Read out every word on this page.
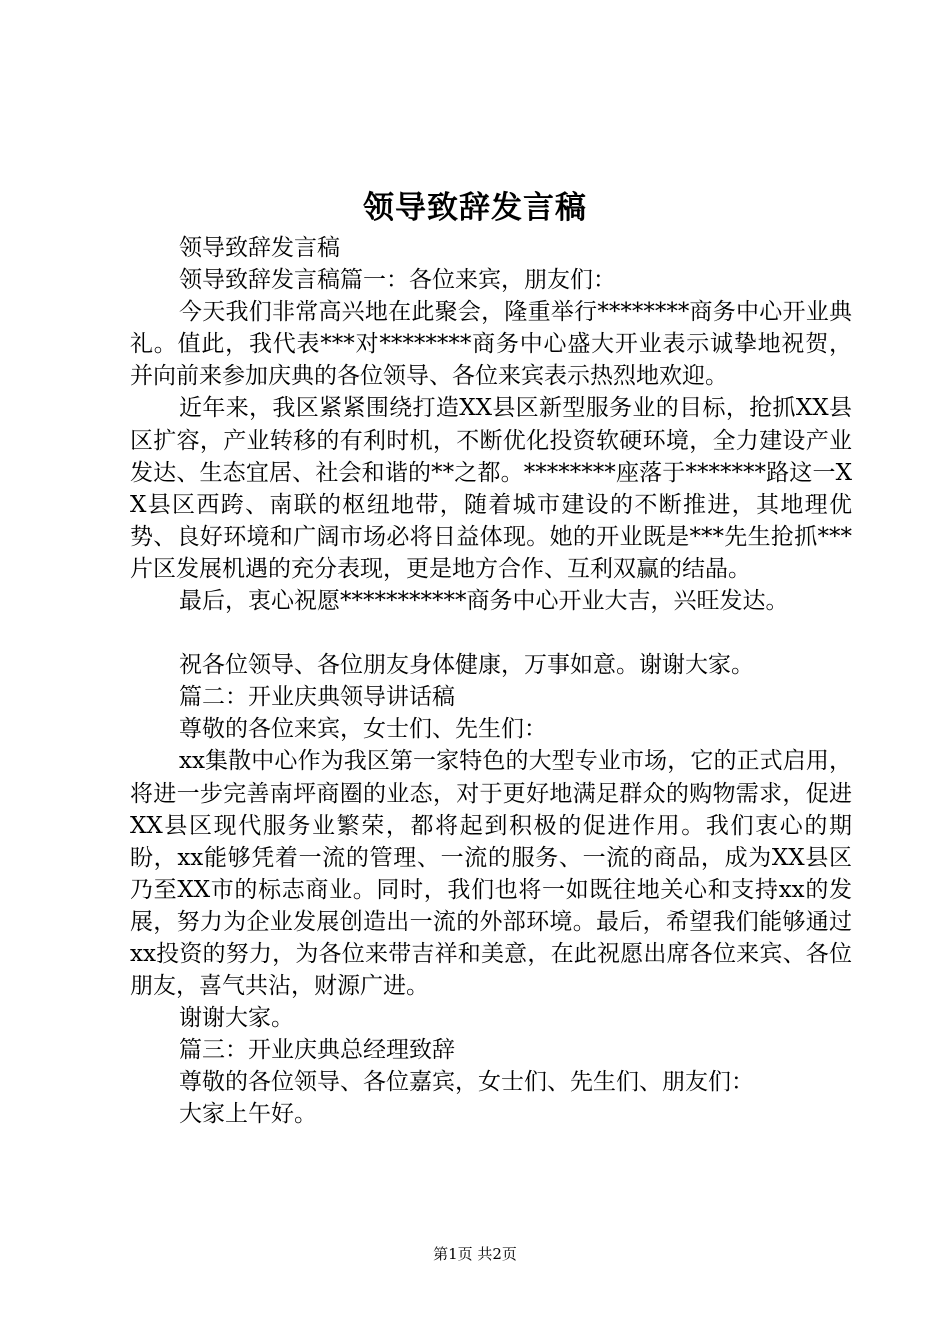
领导致辞发言稿

领导致辞发言稿

领导致辞发言稿篇一：各位来宾，朋友们：

今天我们非常高兴地在此聚会，隆重举行********商务中心开业典礼。值此，我代表***对********商务中心盛大开业表示诚挚地祝贺，并向前来参加庆典的各位领导、各位来宾表示热烈地欢迎。

近年来，我区紧紧围绕打造XX县区新型服务业的目标，抢抓XX县区扩容，产业转移的有利时机，不断优化投资软硬环境，全力建设产业发达、生态宜居、社会和谐的**之都。********座落于*******路这一XX县区西跨、南联的枢纽地带，随着城市建设的不断推进，其地理优势、良好环境和广阔市场必将日益体现。她的开业既是***先生抢抓***片区发展机遇的充分表现，更是地方合作、互利双赢的结晶。

最后，衷心祝愿***********商务中心开业大吉，兴旺发达。

祝各位领导、各位朋友身体健康，万事如意。谢谢大家。

篇二：开业庆典领导讲话稿

尊敬的各位来宾，女士们、先生们：

xx集散中心作为我区第一家特色的大型专业市场，它的正式启用，将进一步完善南坪商圈的业态，对于更好地满足群众的购物需求，促进XX县区现代服务业繁荣，都将起到积极的促进作用。我们衷心的期盼，xx能够凭着一流的管理、一流的服务、一流的商品，成为XX县区乃至XX市的标志商业。同时，我们也将一如既往地关心和支持xx的发展，努力为企业发展创造出一流的外部环境。最后，希望我们能够通过xx投资的努力，为各位来带吉祥和美意，在此祝愿出席各位来宾、各位朋友，喜气共沾，财源广进。

谢谢大家。

篇三：开业庆典总经理致辞

尊敬的各位领导、各位嘉宾，女士们、先生们、朋友们：

大家上午好。

第1页 共2页
